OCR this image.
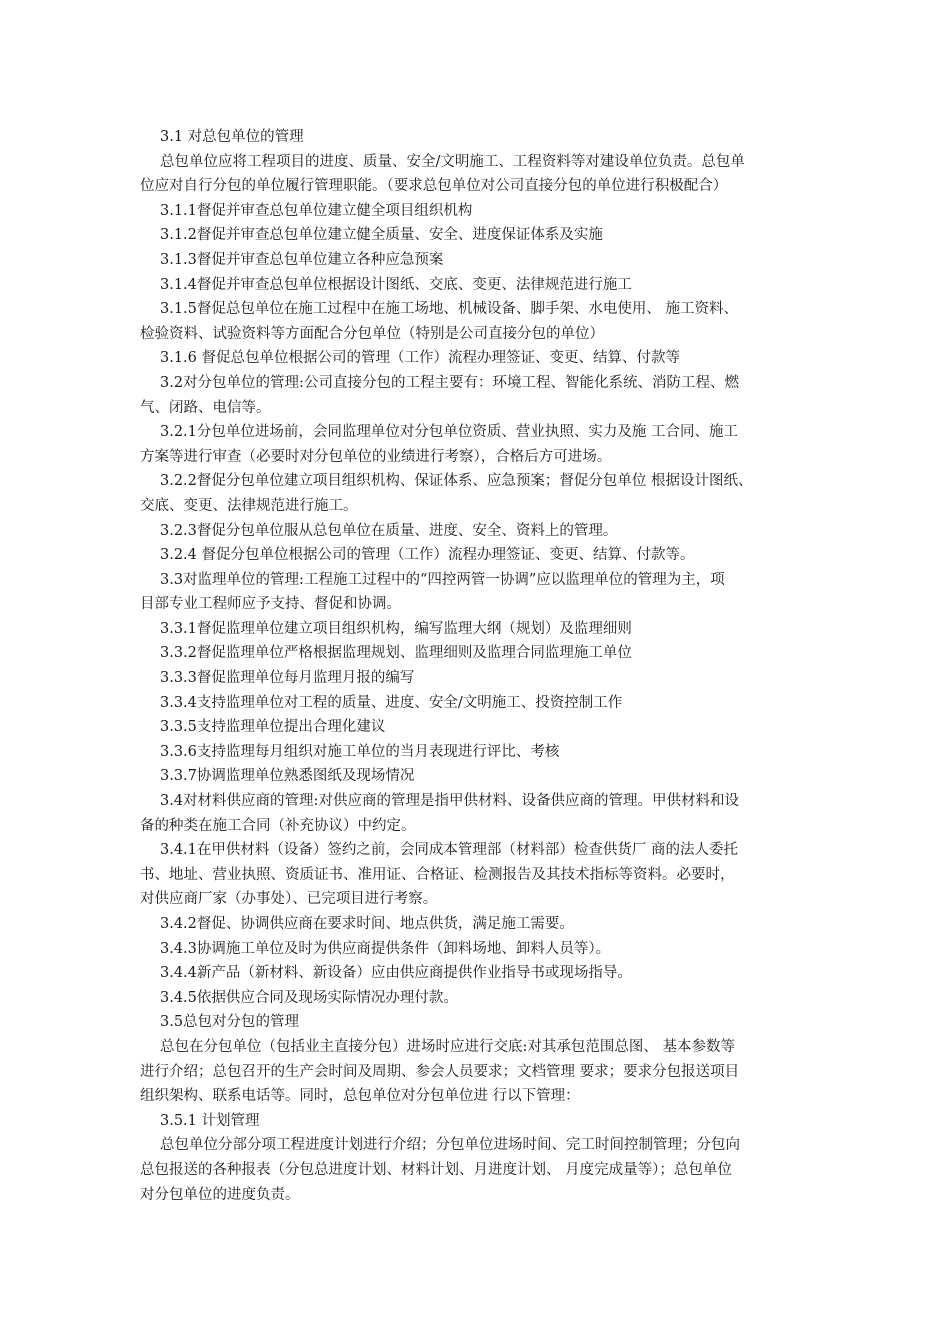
3.1 对总包单位的管理

总包单位应将工程项目的进度、质量、安全/文明施工、工程资料等对建设单位负责。总包单
位应对自行分包的单位履行管理职能。（要求总包单位对公司直接分包的单位进行积极配合）

3.1.1督促并审查总包单位建立健全项目组织机构

3.1.2督促并审查总包单位建立健全质量、安全、进度保证体系及实施

3.1.3督促并审查总包单位建立各种应急预案

3.1.4督促并审查总包单位根据设计图纸、交底、变更、法律规范进行施工

3.1.5督促总包单位在施工过程中在施工场地、机械设备、脚手架、水电使用、 施工资料、
检验资料、试验资料等方面配合分包单位（特别是公司直接分包的单位）

3.1.6 督促总包单位根据公司的管理（工作）流程办理签证、变更、结算、付款等

3.2对分包单位的管理:公司直接分包的工程主要有：环境工程、智能化系统、消防工程、燃
气、闭路、电信等。

3.2.1分包单位进场前，会同监理单位对分包单位资质、营业执照、实力及施 工合同、施工
方案等进行审查（必要时对分包单位的业绩进行考察），合格后方可进场。

3.2.2督促分包单位建立项目组织机构、保证体系、应急预案；督促分包单位 根据设计图纸、
交底、变更、法律规范进行施工。

3.2.3督促分包单位服从总包单位在质量、进度、安全、资料上的管理。

3.2.4 督促分包单位根据公司的管理（工作）流程办理签证、变更、结算、付款等。

3.3对监理单位的管理:工程施工过程中的“四控两管一协调”应以监理单位的管理为主，项
目部专业工程师应予支持、督促和协调。

3.3.1督促监理单位建立项目组织机构，编写监理大纲（规划）及监理细则

3.3.2督促监理单位严格根据监理规划、监理细则及监理合同监理施工单位

3.3.3督促监理单位每月监理月报的编写

3.3.4支持监理单位对工程的质量、进度、安全/文明施工、投资控制工作

3.3.5支持监理单位提出合理化建议

3.3.6支持监理每月组织对施工单位的当月表现进行评比、考核

3.3.7协调监理单位熟悉图纸及现场情况

3.4对材料供应商的管理:对供应商的管理是指甲供材料、设备供应商的管理。甲供材料和设
备的种类在施工合同（补充协议）中约定。

3.4.1在甲供材料（设备）签约之前，会同成本管理部（材料部）检查供货厂 商的法人委托
书、地址、营业执照、资质证书、准用证、合格证、检测报告及其技术指标等资料。必要时，
对供应商厂家（办事处）、已完项目进行考察。

3.4.2督促、协调供应商在要求时间、地点供货，满足施工需要。

3.4.3协调施工单位及时为供应商提供条件（卸料场地、卸料人员等）。

3.4.4新产品（新材料、新设备）应由供应商提供作业指导书或现场指导。

3.4.5依据供应合同及现场实际情况办理付款。

3.5总包对分包的管理

总包在分包单位（包括业主直接分包）进场时应进行交底:对其承包范围总图、 基本参数等
进行介绍；总包召开的生产会时间及周期、参会人员要求；文档管理 要求；要求分包报送项目
组织架构、联系电话等。同时，总包单位对分包单位进 行以下管理：

3.5.1 计划管理

总包单位分部分项工程进度计划进行介绍；分包单位进场时间、完工时间控制管理；分包向
总包报送的各种报表（分包总进度计划、材料计划、月进度计划、 月度完成量等）；总包单位
对分包单位的进度负责。
